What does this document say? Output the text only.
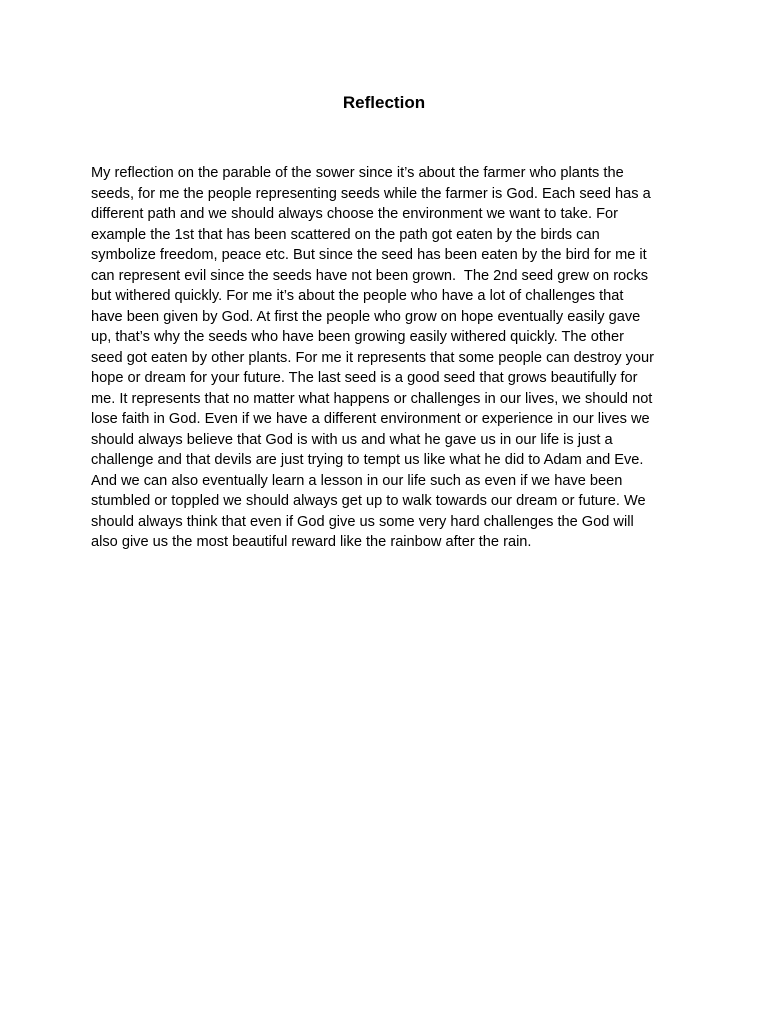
Reflection
My reflection on the parable of the sower since it’s about the farmer who plants the
seeds, for me the people representing seeds while the farmer is God. Each seed has a
different path and we should always choose the environment we want to take. For
example the 1st that has been scattered on the path got eaten by the birds can
symbolize freedom, peace etc. But since the seed has been eaten by the bird for me it
can represent evil since the seeds have not been grown.  The 2nd seed grew on rocks
but withered quickly. For me it’s about the people who have a lot of challenges that
have been given by God. At first the people who grow on hope eventually easily gave
up, that’s why the seeds who have been growing easily withered quickly. The other
seed got eaten by other plants. For me it represents that some people can destroy your
hope or dream for your future. The last seed is a good seed that grows beautifully for
me. It represents that no matter what happens or challenges in our lives, we should not
lose faith in God. Even if we have a different environment or experience in our lives we
should always believe that God is with us and what he gave us in our life is just a
challenge and that devils are just trying to tempt us like what he did to Adam and Eve.
And we can also eventually learn a lesson in our life such as even if we have been
stumbled or toppled we should always get up to walk towards our dream or future. We
should always think that even if God give us some very hard challenges the God will
also give us the most beautiful reward like the rainbow after the rain.
